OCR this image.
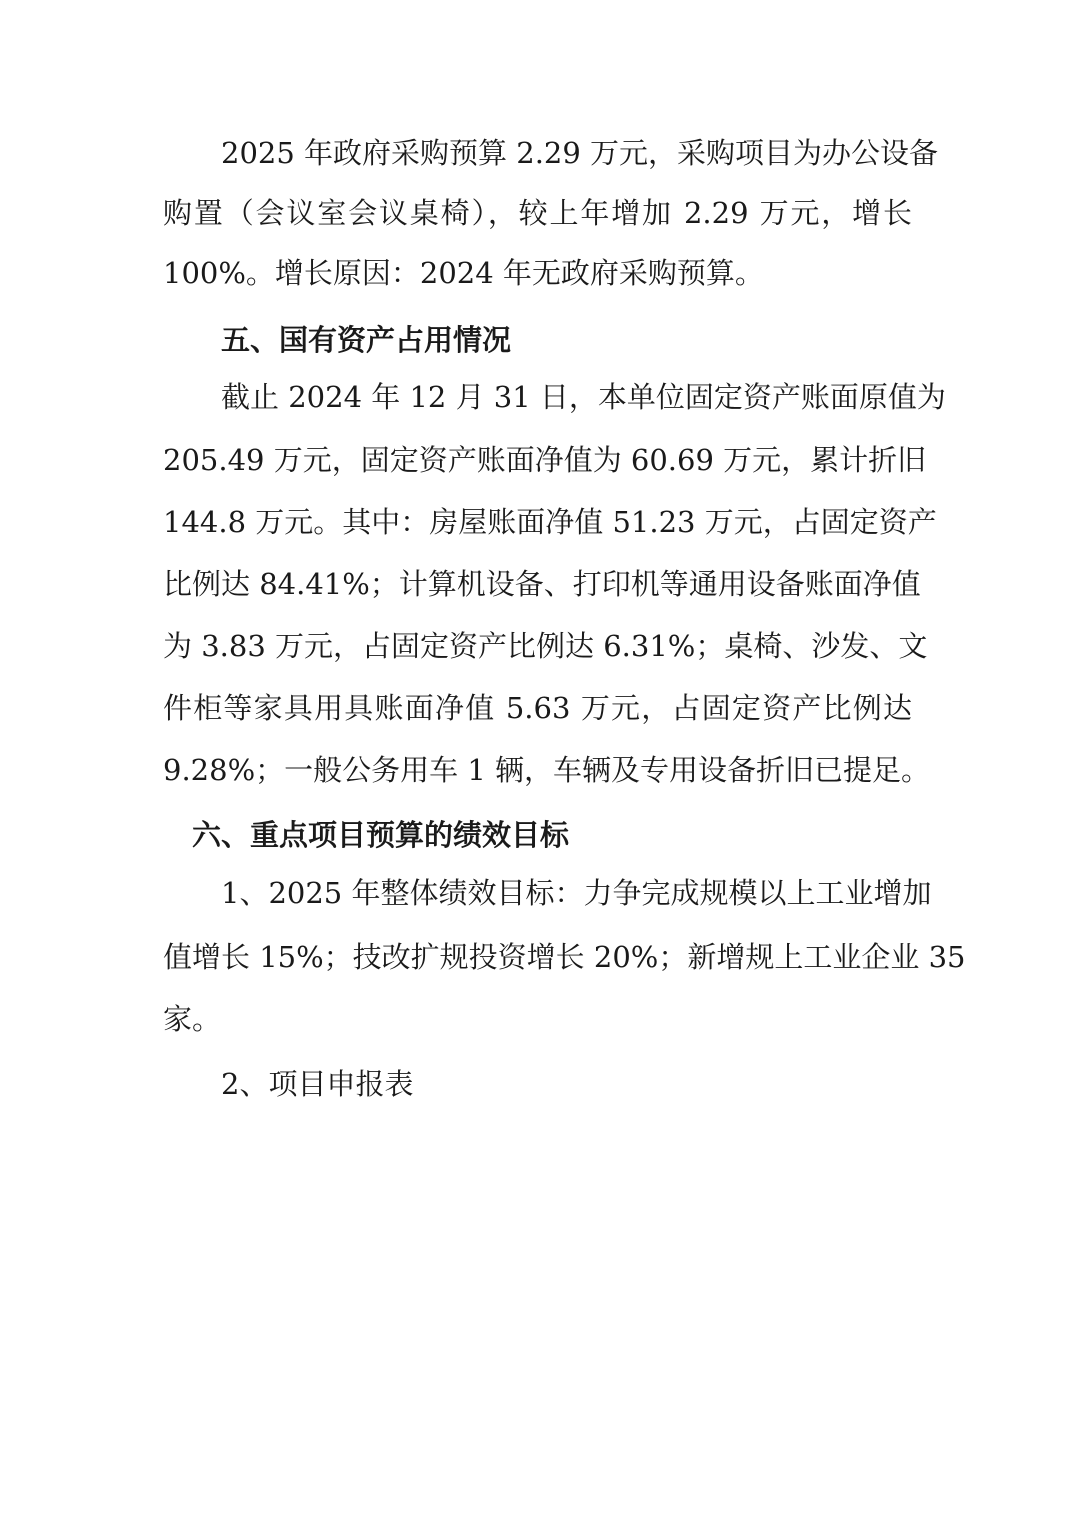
2025 年政府采购预算 2.29 万元，采购项目为办公设备
购置（会议室会议桌椅），较上年增加 2.29 万元，增长
100%。增长原因：2024 年无政府采购预算。
五、国有资产占用情况
截止 2024 年 12 月 31 日，本单位固定资产账面原值为
205.49 万元，固定资产账面净值为 60.69 万元，累计折旧
144.8 万元。其中：房屋账面净值 51.23 万元，占固定资产
比例达 84.41%；计算机设备、打印机等通用设备账面净值
为 3.83 万元，占固定资产比例达 6.31%；桌椅、沙发、文
件柜等家具用具账面净值 5.63 万元，占固定资产比例达
9.28%；一般公务用车 1 辆，车辆及专用设备折旧已提足。
六、重点项目预算的绩效目标
1、2025 年整体绩效目标：力争完成规模以上工业增加
值增长 15%；技改扩规投资增长 20%；新增规上工业企业 35
家。
2、项目申报表
